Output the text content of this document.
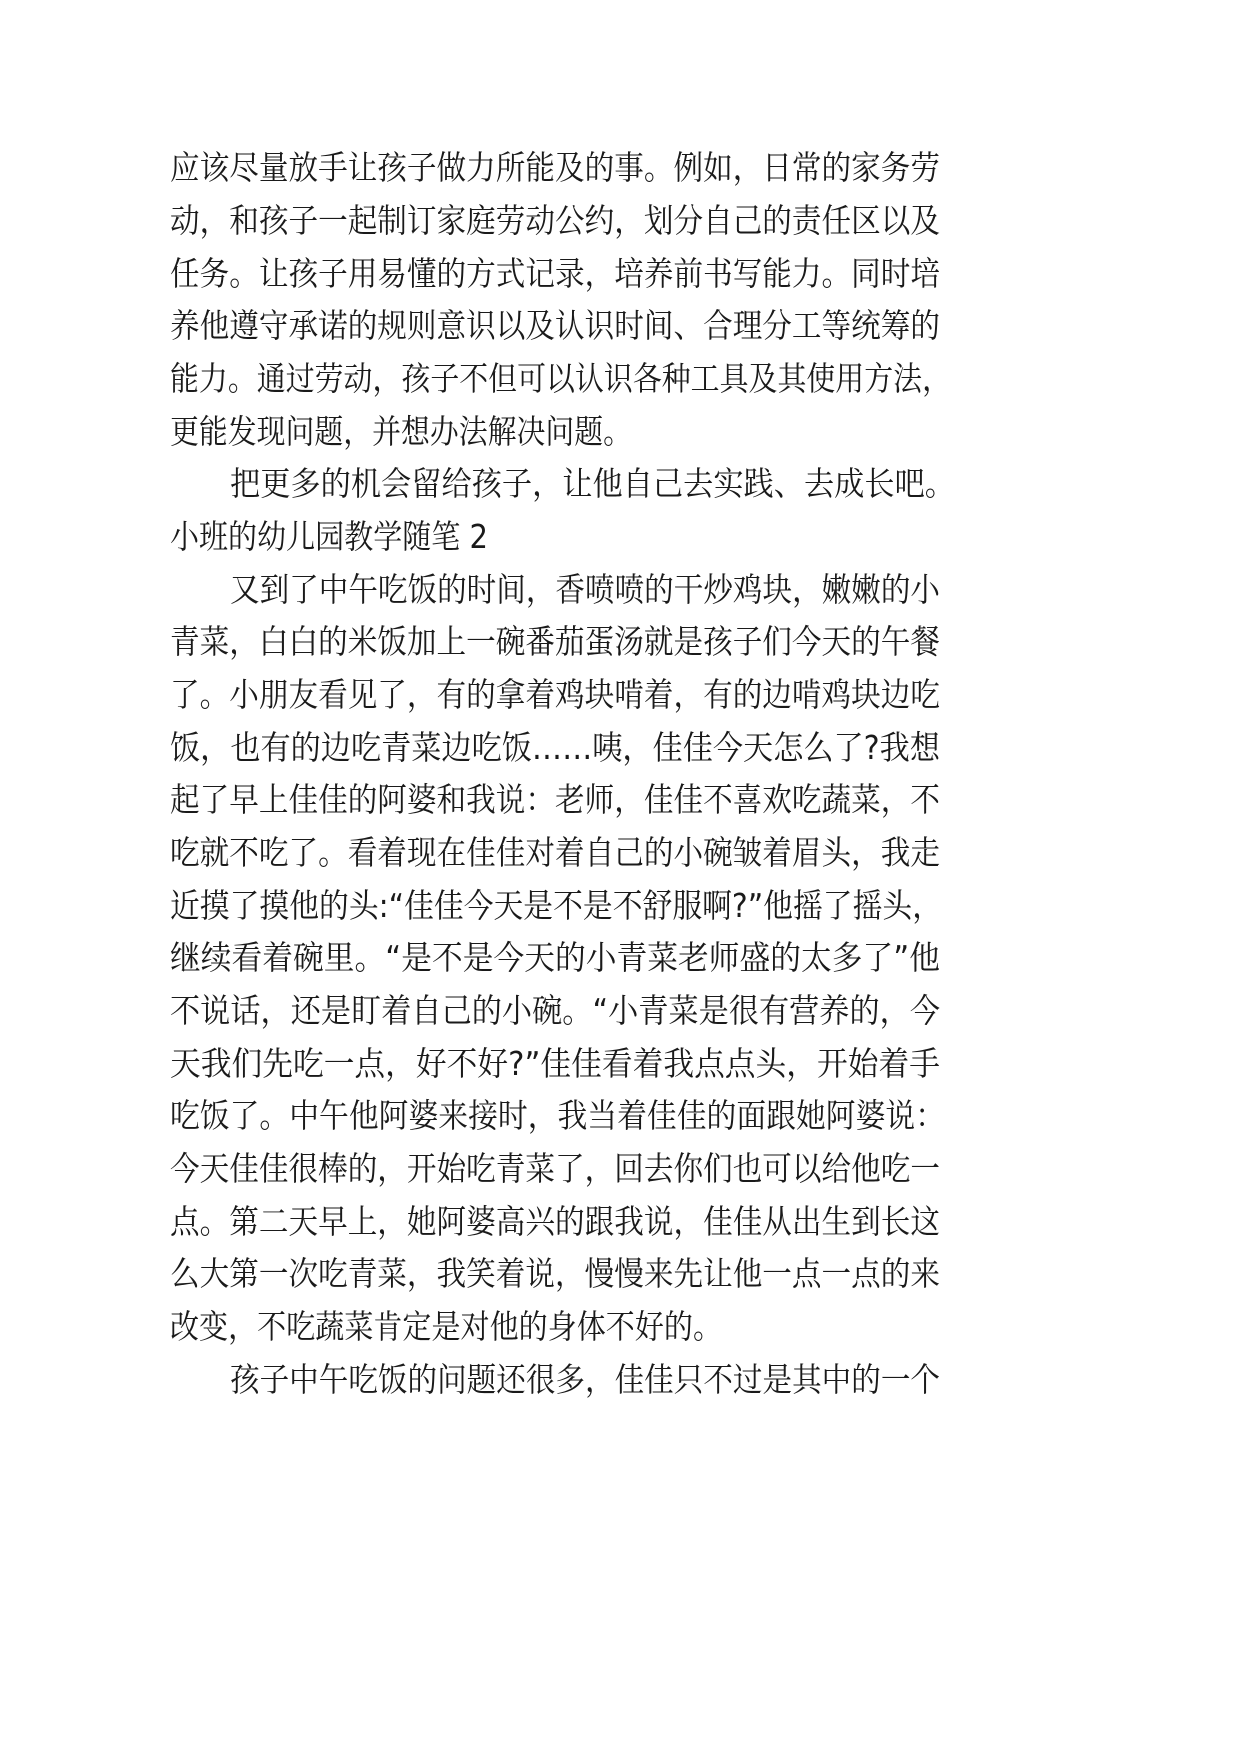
应该尽量放手让孩子做力所能及的事。例如，日常的家务劳
动，和孩子一起制订家庭劳动公约，划分自己的责任区以及
任务。让孩子用易懂的方式记录，培养前书写能力。同时培
养他遵守承诺的规则意识以及认识时间、合理分工等统筹的
能力。通过劳动，孩子不但可以认识各种工具及其使用方法，
更能发现问题，并想办法解决问题。
把更多的机会留给孩子，让他自己去实践、去成长吧。
小班的幼儿园教学随笔 2
又到了中午吃饭的时间，香喷喷的干炒鸡块，嫩嫩的小
青菜，白白的米饭加上一碗番茄蛋汤就是孩子们今天的午餐
了。小朋友看见了，有的拿着鸡块啃着，有的边啃鸡块边吃
饭，也有的边吃青菜边吃饭……咦，佳佳今天怎么了?我想
起了早上佳佳的阿婆和我说：老师，佳佳不喜欢吃蔬菜，不
吃就不吃了。看着现在佳佳对着自己的小碗皱着眉头，我走
近摸了摸他的头:“佳佳今天是不是不舒服啊?”他摇了摇头，
继续看着碗里。“是不是今天的小青菜老师盛的太多了”他
不说话，还是盯着自己的小碗。“小青菜是很有营养的，今
天我们先吃一点，好不好?”佳佳看着我点点头，开始着手
吃饭了。中午他阿婆来接时，我当着佳佳的面跟她阿婆说：
今天佳佳很棒的，开始吃青菜了，回去你们也可以给他吃一
点。第二天早上，她阿婆高兴的跟我说，佳佳从出生到长这
么大第一次吃青菜，我笑着说，慢慢来先让他一点一点的来
改变，不吃蔬菜肯定是对他的身体不好的。
孩子中午吃饭的问题还很多，佳佳只不过是其中的一个
